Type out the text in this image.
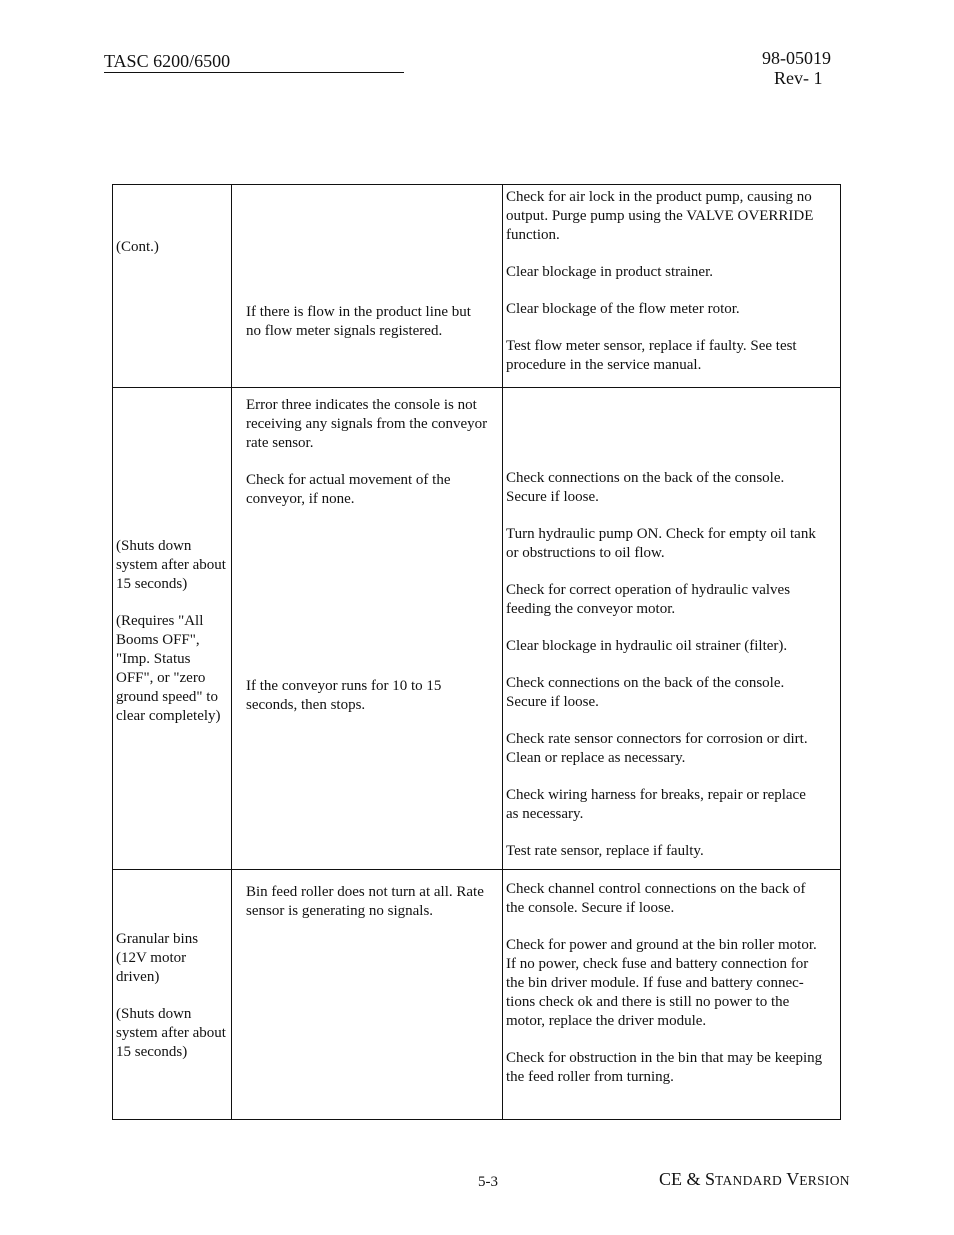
TASC 6200/6500	98-05019
Rev- 1

(Cont.)

If there is flow in the product line but

no flow meter signals registered.

Check for air lock in the product pump, causing no

output. Purge pump using the VALVE OVERRIDE

function.

Clear blockage in product strainer.

Clear blockage of the flow meter rotor.

Test flow meter sensor, replace if faulty. See test

procedure in the service manual.

(Shuts down

system after about

15 seconds)

(Requires "All

Booms OFF",

"Imp. Status

OFF", or "zero

ground speed" to

clear completely)

Error three indicates the console is not

receiving any signals from the conveyor

rate sensor.

Check for actual movement of the

conveyor, if none.

If the conveyor runs for 10 to 15

seconds, then stops.

Check connections on the back of the console.

Secure if loose.

Turn hydraulic pump ON. Check for empty oil tank

or obstructions to oil flow.

Check for correct operation of hydraulic valves

feeding the conveyor motor.

Clear blockage in hydraulic oil strainer (filter).

Check connections on the back of the console.

Secure if loose.

Check rate sensor connectors for corrosion or dirt.

Clean or replace as necessary.

Check wiring harness for breaks, repair or replace

as necessary.

Test rate sensor, replace if faulty.

Granular bins

(12V motor

driven)

(Shuts down

system after about

15 seconds)

Bin feed roller does not turn at all. Rate

sensor is generating no signals.

Check channel control connections on the back of

the console. Secure if loose.

Check for power and ground at the bin roller motor.

If no power, check fuse and battery connection for

the bin driver module. If fuse and battery connec-

tions check ok and there is still no power to the

motor, replace the driver module.

Check for obstruction in the bin that may be keeping

the feed roller from turning.

5-3	CE & STANDARD VERSION
